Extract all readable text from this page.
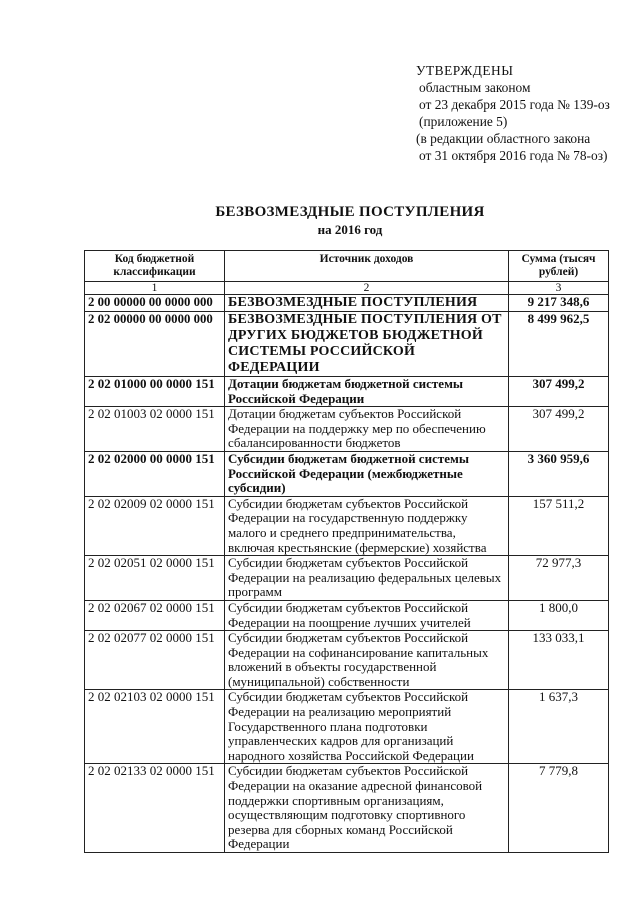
УТВЕРЖДЕНЫ
областным законом
от 23 декабря 2015 года № 139-оз
(приложение 5)
(в редакции областного закона
от 31 октября 2016 года № 78-оз)
БЕЗВОЗМЕЗДНЫЕ ПОСТУПЛЕНИЯ
на 2016 год
Код бюджетной классификации	Источник доходов	Сумма (тысяч рублей)
1	2	3
2 00 00000 00 0000 000	БЕЗВОЗМЕЗДНЫЕ ПОСТУПЛЕНИЯ	9 217 348,6
2 02 00000 00 0000 000	БЕЗВОЗМЕЗДНЫЕ ПОСТУПЛЕНИЯ ОТ ДРУГИХ БЮДЖЕТОВ БЮДЖЕТНОЙ СИСТЕМЫ РОССИЙСКОЙ ФЕДЕРАЦИИ	8 499 962,5
2 02 01000 00 0000 151	Дотации бюджетам бюджетной системы Российской Федерации	307 499,2
2 02 01003 02 0000 151	Дотации бюджетам субъектов Российской Федерации на поддержку мер по обеспечению сбалансированности бюджетов	307 499,2
2 02 02000 00 0000 151	Субсидии бюджетам бюджетной системы Российской Федерации (межбюджетные субсидии)	3 360 959,6
2 02 02009 02 0000 151	Субсидии бюджетам субъектов Российской Федерации на государственную поддержку малого и среднего предпринимательства, включая крестьянские (фермерские) хозяйства	157 511,2
2 02 02051 02 0000 151	Субсидии бюджетам субъектов Российской Федерации на реализацию федеральных целевых программ	72 977,3
2 02 02067 02 0000 151	Субсидии бюджетам субъектов Российской Федерации на поощрение лучших учителей	1 800,0
2 02 02077 02 0000 151	Субсидии бюджетам субъектов Российской Федерации на софинансирование капитальных вложений в объекты государственной (муниципальной) собственности	133 033,1
2 02 02103 02 0000 151	Субсидии бюджетам субъектов Российской Федерации на реализацию мероприятий Государственного плана подготовки управленческих кадров для организаций народного хозяйства Российской Федерации	1 637,3
2 02 02133 02 0000 151	Субсидии бюджетам субъектов Российской Федерации на оказание адресной финансовой поддержки спортивным организациям, осуществляющим подготовку спортивного резерва для сборных команд Российской Федерации	7 779,8
